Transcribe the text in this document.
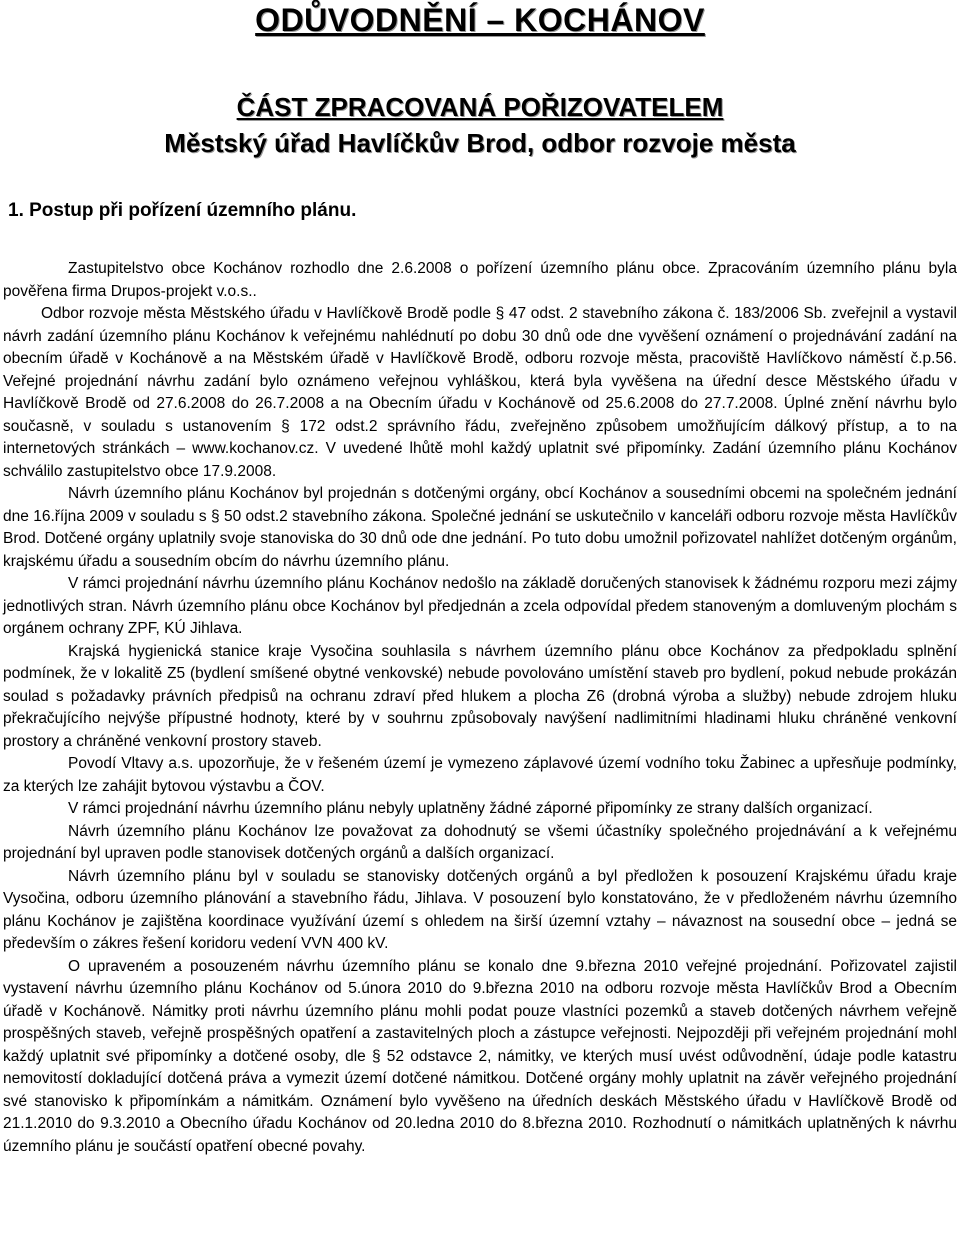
ODŮVODNĚNÍ – KOCHÁNOV
ČÁST ZPRACOVANÁ POŘIZOVATELEM
Městský úřad Havlíčkův Brod, odbor rozvoje města
1. Postup při pořízení územního plánu.

Zastupitelstvo obce Kochánov rozhodlo dne 2.6.2008 o pořízení územního plánu obce. Zpracováním územního plánu byla pověřena firma Drupos-projekt v.o.s..

Odbor rozvoje města Městského úřadu v Havlíčkově Brodě podle § 47 odst. 2 stavebního zákona č. 183/2006 Sb. zveřejnil a vystavil návrh zadání územního plánu Kochánov k veřejnému nahlédnutí po dobu 30 dnů ode dne vyvěšení oznámení o projednávání zadání na obecním úřadě v Kochánově a na Městském úřadě v Havlíčkově Brodě, odboru rozvoje města, pracoviště Havlíčkovo náměstí č.p.56. Veřejné projednání návrhu zadání bylo oznámeno veřejnou vyhláškou, která byla vyvěšena na úřední desce Městského úřadu v Havlíčkově Brodě od 27.6.2008 do 26.7.2008 a na Obecním úřadu v Kochánově od 25.6.2008 do 27.7.2008. Úplné znění návrhu bylo současně, v souladu s ustanovením § 172 odst.2 správního řádu, zveřejněno způsobem umožňujícím dálkový přístup, a to na internetových stránkách – www.kochanov.cz. V uvedené lhůtě mohl každý uplatnit své připomínky. Zadání územního plánu Kochánov schválilo zastupitelstvo obce 17.9.2008.

Návrh územního plánu Kochánov byl projednán s dotčenými orgány, obcí Kochánov a sousedními obcemi na společném jednání dne 16.října 2009 v souladu s § 50 odst.2 stavebního zákona. Společné jednání se uskutečnilo v kanceláři odboru rozvoje města Havlíčkův Brod. Dotčené orgány uplatnily svoje stanoviska do 30 dnů ode dne jednání. Po tuto dobu umožnil pořizovatel nahlížet dotčeným orgánům, krajskému úřadu a sousedním obcím do návrhu územního plánu.

V rámci projednání návrhu územního plánu Kochánov nedošlo na základě doručených stanovisek k žádnému rozporu mezi zájmy jednotlivých stran. Návrh územního plánu obce Kochánov byl předjednán a zcela odpovídal předem stanoveným a domluveným plochám s orgánem ochrany ZPF, KÚ Jihlava.

Krajská hygienická stanice kraje Vysočina souhlasila s návrhem územního plánu obce Kochánov za předpokladu splnění podmínek, že v lokalitě Z5 (bydlení smíšené obytné venkovské) nebude povolováno umístění staveb pro bydlení, pokud nebude prokázán soulad s požadavky právních předpisů na ochranu zdraví před hlukem a plocha Z6 (drobná výroba a služby) nebude zdrojem hluku překračujícího nejvýše přípustné hodnoty, které by v souhrnu způsobovaly navýšení nadlimitními hladinami hluku chráněné venkovní prostory a chráněné venkovní prostory staveb.

Povodí Vltavy a.s. upozorňuje, že v řešeném území je vymezeno záplavové území vodního toku Žabinec a upřesňuje podmínky, za kterých lze zahájit bytovou výstavbu a ČOV.

V rámci projednání návrhu územního plánu nebyly uplatněny žádné záporné připomínky ze strany dalších organizací.

Návrh územního plánu Kochánov lze považovat za dohodnutý se všemi účastníky společného projednávání a k veřejnému projednání byl upraven podle stanovisek dotčených orgánů a dalších organizací.

Návrh územního plánu byl v souladu se stanovisky dotčených orgánů a byl předložen k posouzení Krajskému úřadu kraje Vysočina, odboru územního plánování a stavebního řádu, Jihlava. V posouzení bylo konstatováno, že v předloženém návrhu územního plánu Kochánov je zajištěna koordinace využívání území s ohledem na širší územní vztahy – návaznost na sousední obce – jedná se především o zákres řešení koridoru vedení VVN 400 kV.

O upraveném a posouzeném návrhu územního plánu se konalo dne 9.března 2010 veřejné projednání. Pořizovatel zajistil vystavení návrhu územního plánu Kochánov od 5.února 2010 do 9.března 2010 na odboru rozvoje města Havlíčkův Brod a Obecním úřadě v Kochánově. Námitky proti návrhu územního plánu mohli podat pouze vlastníci pozemků a staveb dotčených návrhem veřejně prospěšných staveb, veřejně prospěšných opatření a zastavitelných ploch a zástupce veřejnosti. Nejpozději při veřejném projednání mohl každý uplatnit své připomínky a dotčené osoby, dle § 52 odstavce 2, námitky, ve kterých musí uvést odůvodnění, údaje podle katastru nemovitostí dokladující dotčená práva a vymezit území dotčené námitkou. Dotčené orgány mohly uplatnit na závěr veřejného projednání své stanovisko k připomínkám a námitkám. Oznámení bylo vyvěšeno na úředních deskách Městského úřadu v Havlíčkově Brodě od 21.1.2010 do 9.3.2010 a Obecního úřadu Kochánov od 20.ledna 2010 do 8.března 2010. Rozhodnutí o námitkách uplatněných k návrhu územního plánu je součástí opatření obecné povahy.
